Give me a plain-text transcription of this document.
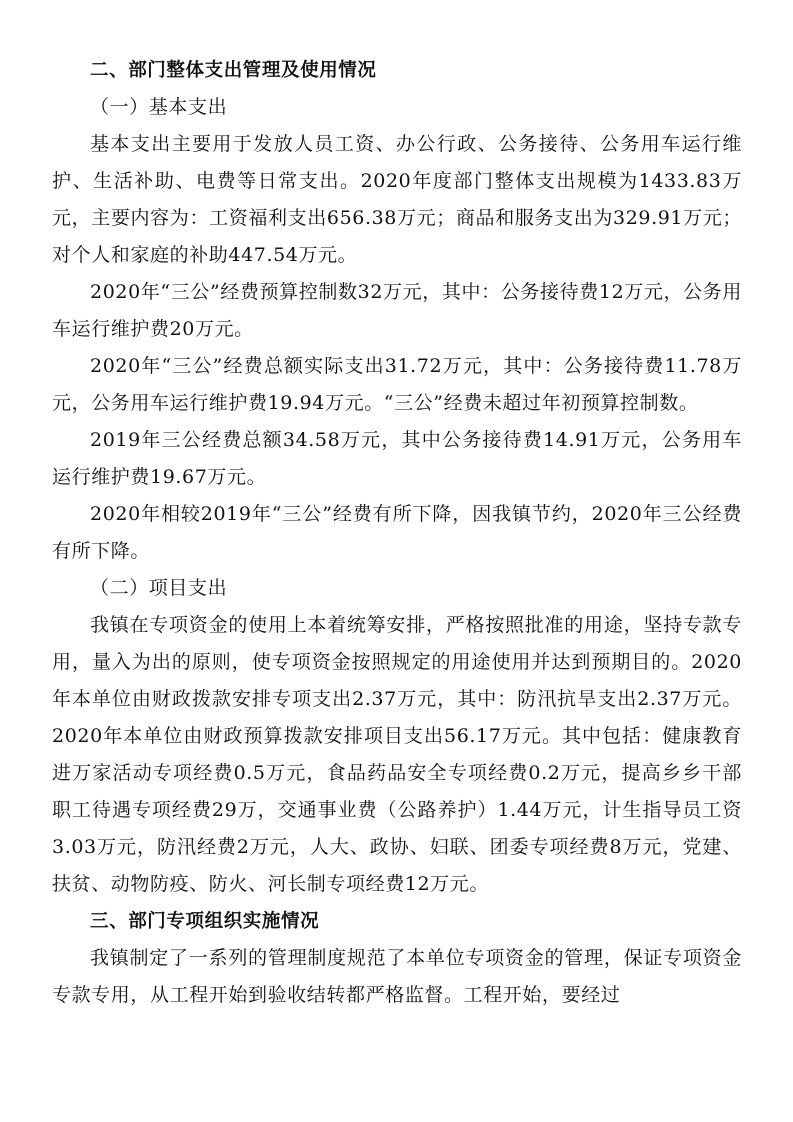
二、部门整体支出管理及使用情况

（一）基本支出

基本支出主要用于发放人员工资、办公行政、公务接待、公务用车运行维护、生活补助、电费等日常支出。2020年度部门整体支出规模为1433.83万元，主要内容为：工资福利支出656.38万元；商品和服务支出为329.91万元；对个人和家庭的补助447.54万元。

2020年“三公”经费预算控制数32万元，其中：公务接待费12万元，公务用车运行维护费20万元。

2020年“三公”经费总额实际支出31.72万元，其中：公务接待费11.78万元，公务用车运行维护费19.94万元。“三公”经费未超过年初预算控制数。

2019年三公经费总额34.58万元，其中公务接待费14.91万元，公务用车运行维护费19.67万元。

2020年相较2019年“三公”经费有所下降，因我镇节约，2020年三公经费有所下降。

（二）项目支出

我镇在专项资金的使用上本着统筹安排，严格按照批准的用途，坚持专款专用，量入为出的原则，使专项资金按照规定的用途使用并达到预期目的。2020年本单位由财政拨款安排专项支出2.37万元，其中：防汛抗旱支出2.37万元。2020年本单位由财政预算拨款安排项目支出56.17万元。其中包括：健康教育进万家活动专项经费0.5万元，食品药品安全专项经费0.2万元，提高乡乡干部职工待遇专项经费29万，交通事业费（公路养护）1.44万元，计生指导员工资3.03万元，防汛经费2万元，人大、政协、妇联、团委专项经费8万元，党建、扶贫、动物防疫、防火、河长制专项经费12万元。

三、部门专项组织实施情况

我镇制定了一系列的管理制度规范了本单位专项资金的管理，保证专项资金专款专用，从工程开始到验收结转都严格监督。工程开始，要经过
